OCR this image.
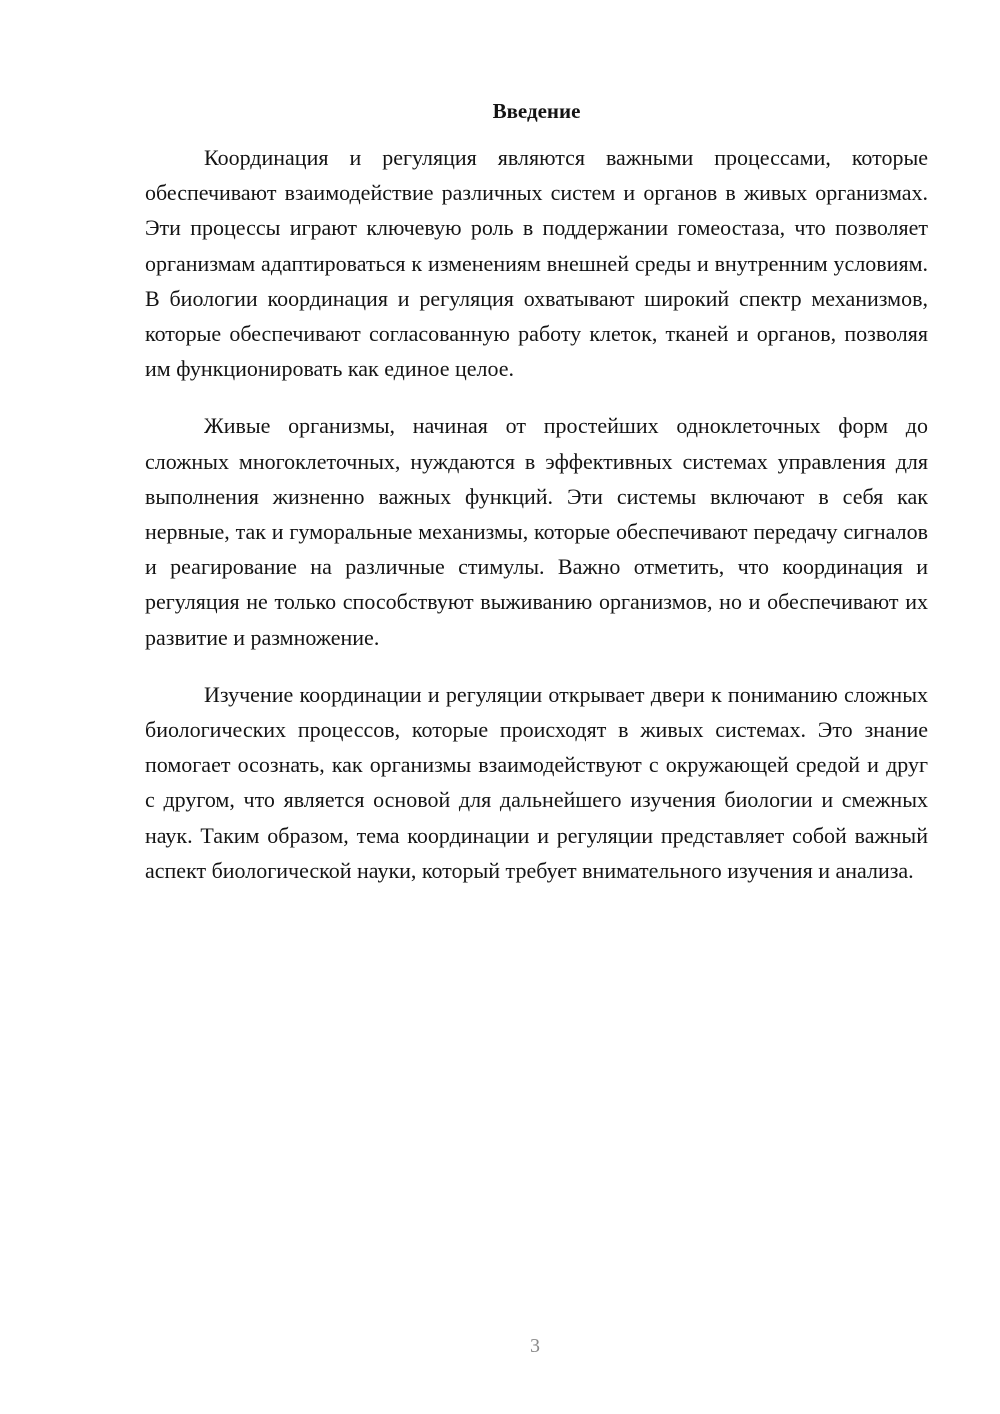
Введение

Координация и регуляция являются важными процессами, которые обеспечивают взаимодействие различных систем и органов в живых организмах. Эти процессы играют ключевую роль в поддержании гомеостаза, что позволяет организмам адаптироваться к изменениям внешней среды и внутренним условиям. В биологии координация и регуляция охватывают широкий спектр механизмов, которые обеспечивают согласованную работу клеток, тканей и органов, позволяя им функционировать как единое целое.

Живые организмы, начиная от простейших одноклеточных форм до сложных многоклеточных, нуждаются в эффективных системах управления для выполнения жизненно важных функций. Эти системы включают в себя как нервные, так и гуморальные механизмы, которые обеспечивают передачу сигналов и реагирование на различные стимулы. Важно отметить, что координация и регуляция не только способствуют выживанию организмов, но и обеспечивают их развитие и размножение.

Изучение координации и регуляции открывает двери к пониманию сложных биологических процессов, которые происходят в живых системах. Это знание помогает осознать, как организмы взаимодействуют с окружающей средой и друг с другом, что является основой для дальнейшего изучения биологии и смежных наук. Таким образом, тема координации и регуляции представляет собой важный аспект биологической науки, который требует внимательного изучения и анализа.

3
